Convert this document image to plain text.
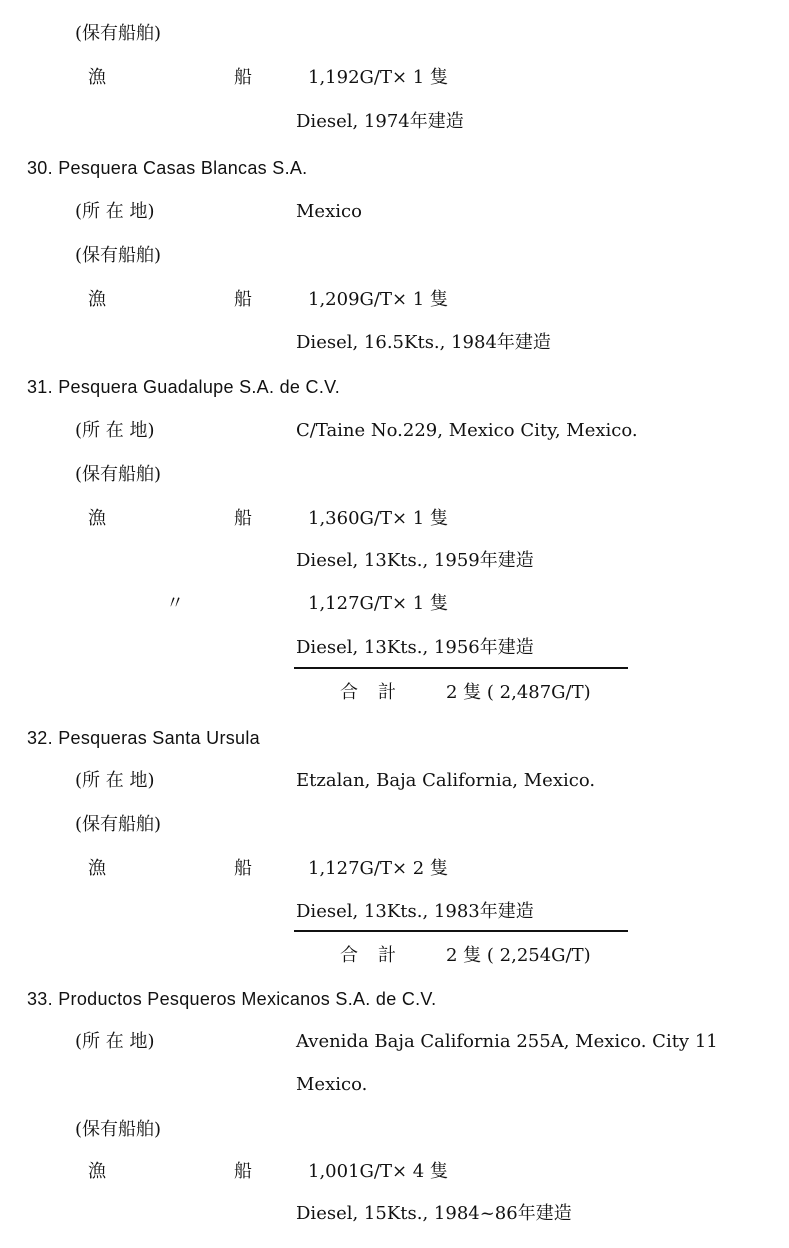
(保有船舶)
漁	船	1,192G/T× 1 隻
Diesel, 1974年建造
30. Pesquera Casas Blancas S.A.
(所 在 地)	Mexico
(保有船舶)
漁	船	1,209G/T× 1 隻
Diesel, 16.5Kts., 1984年建造
31. Pesquera Guadalupe S.A. de C.V.
(所 在 地)	C/Taine No.229, Mexico City, Mexico.
(保有船舶)
漁	船	1,360G/T× 1 隻
Diesel, 13Kts., 1959年建造
〃	1,127G/T× 1 隻
Diesel, 13Kts., 1956年建造
合 計	2 隻 ( 2,487G/T)
32. Pesqueras Santa Ursula
(所 在 地)	Etzalan, Baja California, Mexico.
(保有船舶)
漁	船	1,127G/T× 2 隻
Diesel, 13Kts., 1983年建造
合 計	2 隻 ( 2,254G/T)
33. Productos Pesqueros Mexicanos S.A. de C.V.
(所 在 地)	Avenida Baja California 255A, Mexico. City 11
Mexico.
(保有船舶)
漁	船	1,001G/T× 4 隻
Diesel, 15Kts., 1984~86年建造
